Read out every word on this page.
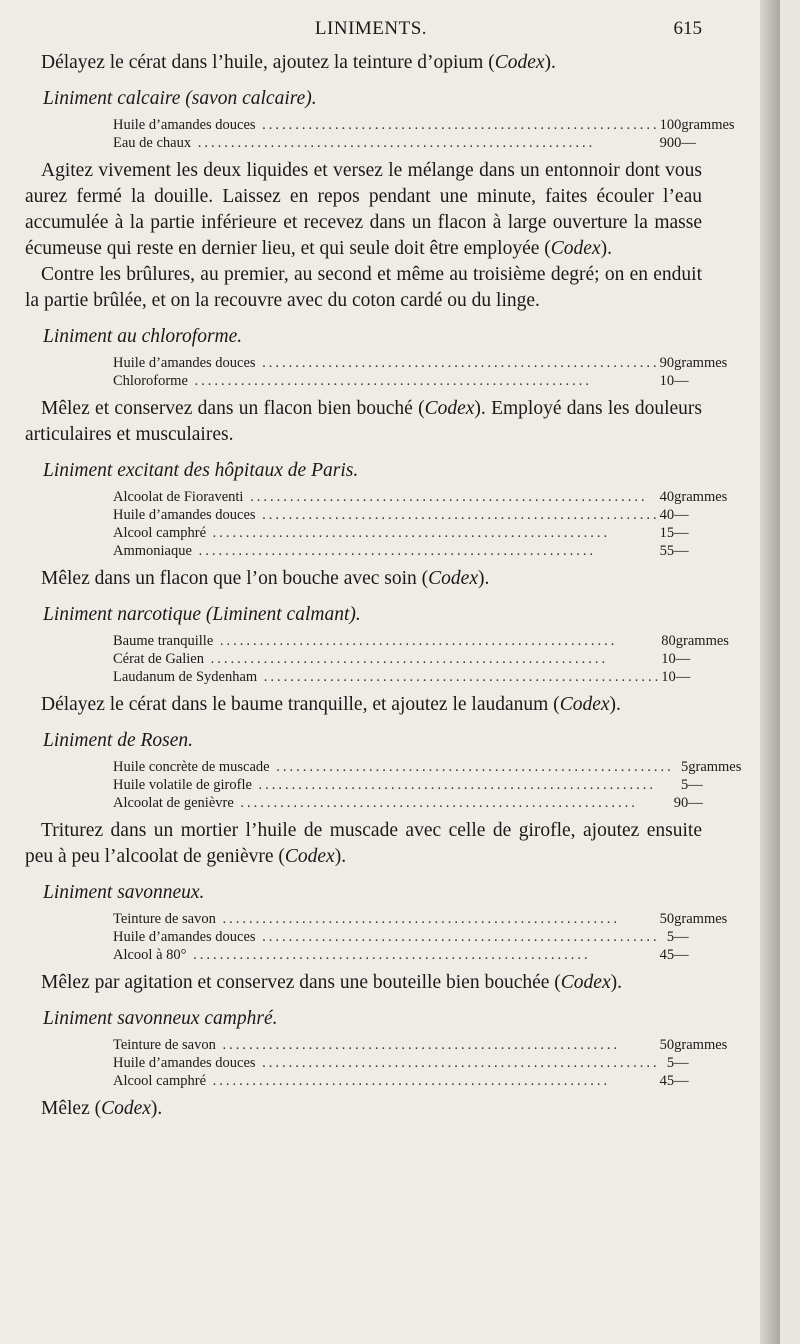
LINIMENTS.	615

Délayez le cérat dans l’huile, ajoutez la teinture d’opium (Codex).

Liniment calcaire (savon calcaire).
Huile d’amandes douces ............................................................	100	grammes
Eau de chaux ............................................................	900	—

Agitez vivement les deux liquides et versez le mélange dans un entonnoir dont vous aurez fermé la douille. Laissez en repos pendant une minute, faites écouler l’eau accumulée à la partie inférieure et recevez dans un flacon à large ouverture la masse écumeuse qui reste en dernier lieu, et qui seule doit être employée (Codex).

Contre les brûlures, au premier, au second et même au troisième degré; on en enduit la partie brûlée, et on la recouvre avec du coton cardé ou du linge.

Liniment au chloroforme.
Huile d’amandes douces ............................................................	90	grammes
Chloroforme ............................................................	10	—

Mêlez et conservez dans un flacon bien bouché (Codex). Employé dans les douleurs articulaires et musculaires.

Liniment excitant des hôpitaux de Paris.
Alcoolat de Fioraventi ............................................................	40	grammes
Huile d’amandes douces ............................................................	40	—
Alcool camphré ............................................................	15	—
Ammoniaque ............................................................	55	—

Mêlez dans un flacon que l’on bouche avec soin (Codex).

Liniment narcotique (Liminent calmant).
Baume tranquille ............................................................	80	grammes
Cérat de Galien ............................................................	10	—
Laudanum de Sydenham ............................................................	10	—

Délayez le cérat dans le baume tranquille, et ajoutez le laudanum (Codex).

Liniment de Rosen.
Huile concrète de muscade ............................................................	5	grammes
Huile volatile de girofle ............................................................	5	—
Alcoolat de genièvre ............................................................	90	—

Triturez dans un mortier l’huile de muscade avec celle de girofle, ajoutez ensuite peu à peu l’alcoolat de genièvre (Codex).

Liniment savonneux.
Teinture de savon ............................................................	50	grammes
Huile d’amandes douces ............................................................	5	—
Alcool à 80° ............................................................	45	—

Mêlez par agitation et conservez dans une bouteille bien bouchée (Codex).

Liniment savonneux camphré.
Teinture de savon ............................................................	50	grammes
Huile d’amandes douces ............................................................	5	—
Alcool camphré ............................................................	45	—

Mêlez (Codex).
